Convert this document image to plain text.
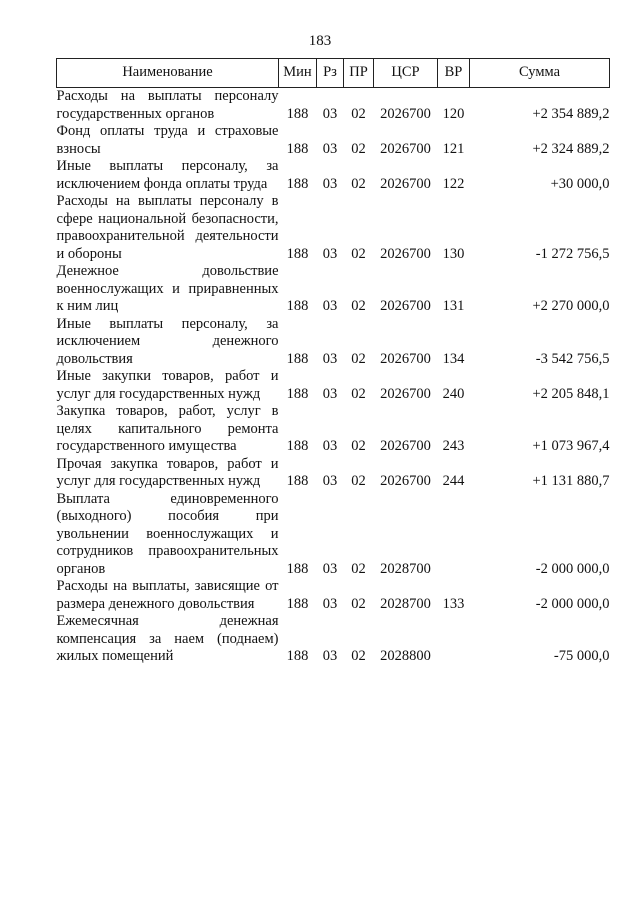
183
Наименование	Мин	Рз	ПР	ЦСР	ВР	Сумма
Расходы на выплаты персоналу государственных органов	188	03	02	2026700	120	+2 354 889,2
Фонд оплаты труда и страховые взносы	188	03	02	2026700	121	+2 324 889,2
Иные выплаты персоналу, за исключением фонда оплаты труда	188	03	02	2026700	122	+30 000,0
Расходы на выплаты персоналу в сфере национальной безопасности, правоохранительной деятельности и обороны	188	03	02	2026700	130	-1 272 756,5
Денежное довольствие военнослужащих и приравненных к ним лиц	188	03	02	2026700	131	+2 270 000,0
Иные выплаты персоналу, за исключением денежного довольствия	188	03	02	2026700	134	-3 542 756,5
Иные закупки товаров, работ и услуг для государственных нужд	188	03	02	2026700	240	+2 205 848,1
Закупка товаров, работ, услуг в целях капитального ремонта государственного имущества	188	03	02	2026700	243	+1 073 967,4
Прочая закупка товаров, работ и услуг для государственных нужд	188	03	02	2026700	244	+1 131 880,7
Выплата единовременного (выходного) пособия при увольнении военнослужащих и сотрудников правоохранительных органов	188	03	02	2028700		-2 000 000,0
Расходы на выплаты, зависящие от размера денежного довольствия	188	03	02	2028700	133	-2 000 000,0
Ежемесячная денежная компенсация за наем (поднаем) жилых помещений	188	03	02	2028800		-75 000,0
